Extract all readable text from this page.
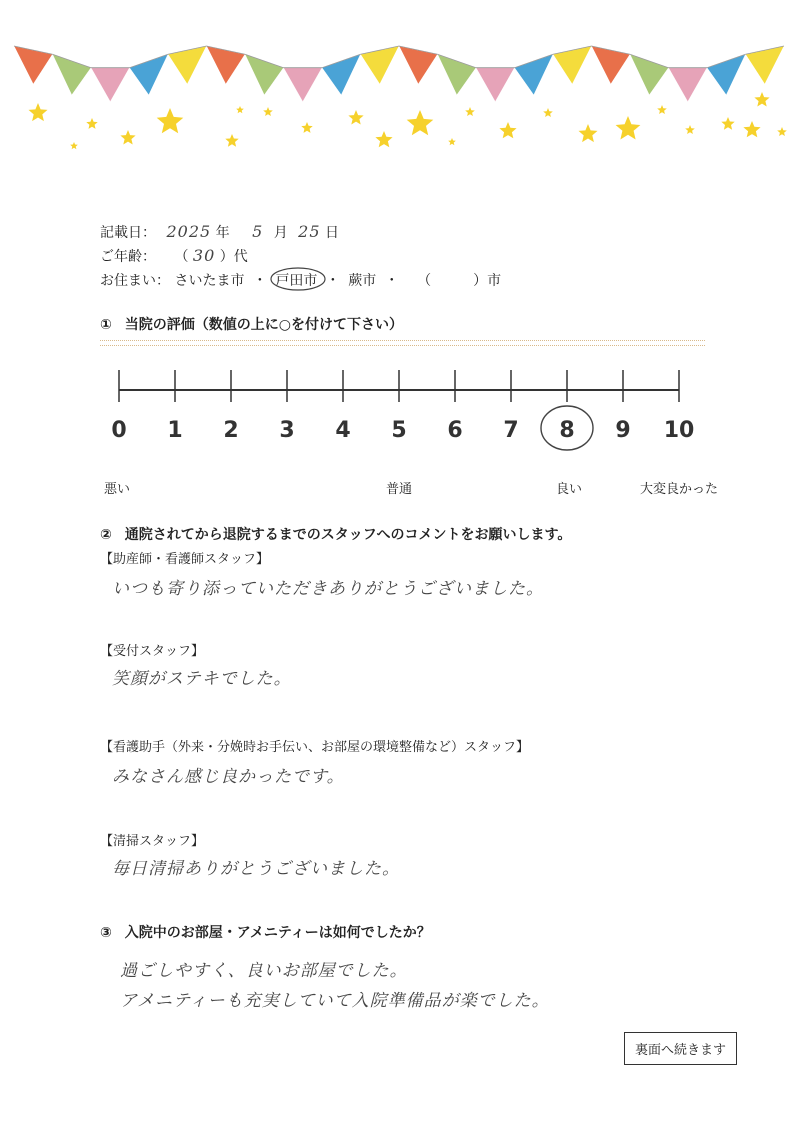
記載日： 2025 年 5 月 25 日
ご年齢： （ 30 ）代
お住まい： さいたま市 ・ 戸田市 ・ 蕨市 ・ （　　　）市
① 当院の評価（数値の上に○を付けて下さい）
0 1 2 3 4 5 6 7 8 9 10
悪い	普通	良い	大変良かった
② 通院されてから退院するまでのスタッフへのコメントをお願いします。
【助産師・看護師スタッフ】
いつも寄り添っていただきありがとうございました。
【受付スタッフ】
笑顔がステキでした。
【看護助手（外来・分娩時お手伝い、お部屋の環境整備など）スタッフ】
みなさん感じ良かったです。
【清掃スタッフ】
毎日清掃ありがとうございました。
③ 入院中のお部屋・アメニティーは如何でしたか？
過ごしやすく、良いお部屋でした。
アメニティーも充実していて入院準備品が楽でした。
裏面へ続きます
